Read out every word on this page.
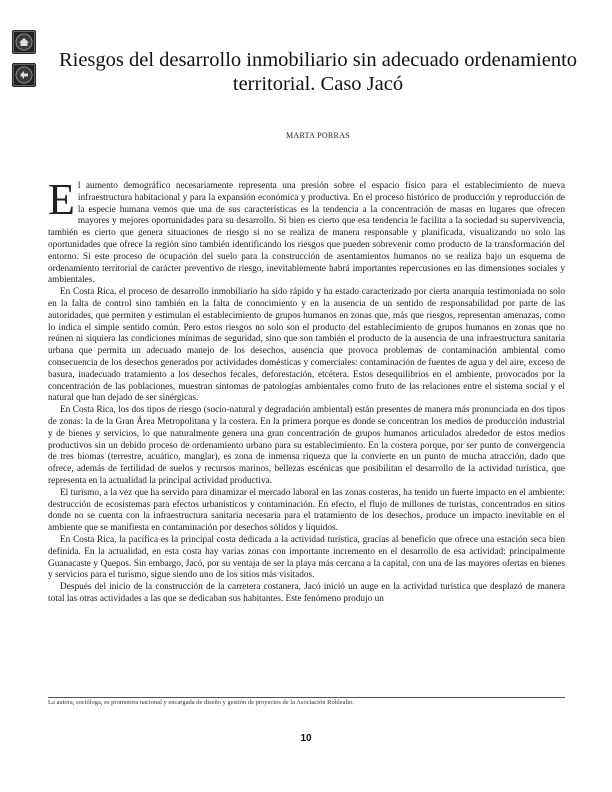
Riesgos del desarrollo inmobiliario sin adecuado ordenamiento territorial. Caso Jacó
MARTA PORRAS

El aumento demográfico necesariamente representa una presión sobre el espacio físico para el establecimiento de nueva infraestructura habitacional y para la expansión económica y productiva. En el proceso histórico de producción y reproducción de la especie humana vemos que una de sus características es la tendencia a la concentración de masas en lugares que ofrecen mayores y mejores oportunidades para su desarrollo. Si bien es cierto que esa tendencia le facilita a la sociedad su supervivencia, también es cierto que genera situaciones de riesgo si no se realiza de manera responsable y planificada, visualizando no solo las oportunidades que ofrece la región sino también identificando los riesgos que pueden sobrevenir como producto de la transformación del entorno. Si este proceso de ocupación del suelo para la construcción de asentamientos humanos no se realiza bajo un esquema de ordenamiento territorial de carácter preventivo de riesgo, inevitablemente habrá importantes repercusiones en las dimensiones sociales y ambientales.

En Costa Rica, el proceso de desarrollo inmobiliario ha sido rápido y ha estado caracterizado por cierta anarquía testimoniada no solo en la falta de control sino también en la falta de conocimiento y en la ausencia de un sentido de responsabilidad por parte de las autoridades, que permiten y estimulan el establecimiento de grupos humanos en zonas que, más que riesgos, representan amenazas, como lo indica el simple sentido común. Pero estos riesgos no solo son el producto del establecimiento de grupos humanos en zonas que no reúnen ni siquiera las condiciones mínimas de seguridad, sino que son también el producto de la ausencia de una infraestructura sanitaria urbana que permita un adecuado manejo de los desechos, ausencia que provoca problemas de contaminación ambiental como consecuencia de los desechos generados por actividades domésticas y comerciales: contaminación de fuentes de agua y del aire, exceso de basura, inadecuado tratamiento a los desechos fecales, deforestación, etcétera. Estos desequilibrios en el ambiente, provocados por la concentración de las poblaciones, muestran síntomas de patologías ambientales como fruto de las relaciones entre el sistema social y el natural que han dejado de ser sinérgicas.

En Costa Rica, los dos tipos de riesgo (socio-natural y degradación ambiental) están presentes de manera más pronunciada en dos tipos de zonas: la de la Gran Área Metropolitana y la costera. En la primera porque es donde se concentran los medios de producción industrial y de bienes y servicios, lo que naturalmente genera una gran concentración de grupos humanos articulados alrededor de estos medios productivos sin un debido proceso de ordenamiento urbano para su establecimiento. En la costera porque, por ser punto de convergencia de tres biomas (terrestre, acuático, manglar), es zona de inmensa riqueza que la convierte en un punto de mucha atracción, dado que ofrece, además de fertilidad de suelos y recursos marinos, bellezas escénicas que posibilitan el desarrollo de la actividad turística, que representa en la actualidad la principal actividad productiva.

El turismo, a la vez que ha servido para dinamizar el mercado laboral en las zonas costeras, ha tenido un fuerte impacto en el ambiente: destrucción de ecosistemas para efectos urbanísticos y contaminación. En efecto, el flujo de millones de turistas, concentrados en sitios donde no se cuenta con la infraestructura sanitaria necesaria para el tratamiento de los desechos, produce un impacto inevitable en el ambiente que se manifiesta en contaminación por desechos sólidos y líquidos.

En Costa Rica, la pacífica es la principal costa dedicada a la actividad turística, gracias al beneficio que ofrece una estación seca bien definida. En la actualidad, en esta costa hay varias zonas con importante incremento en el desarrollo de esa actividad: principalmente Guanacaste y Quepos. Sin embargo, Jacó, por su ventaja de ser la playa más cercana a la capital, con una de las mayores ofertas en bienes y servicios para el turismo, sigue siendo uno de los sitios más visitados.

Después del inicio de la construcción de la carretera costanera, Jacó inició un auge en la actividad turística que desplazó de manera total las otras actividades a las que se dedicaban sus habitantes. Este fenómeno produjo un

La autora, socióloga, es promotora nacional y encargada de diseño y gestión de proyectos de la Asociación Roblealto.
10
